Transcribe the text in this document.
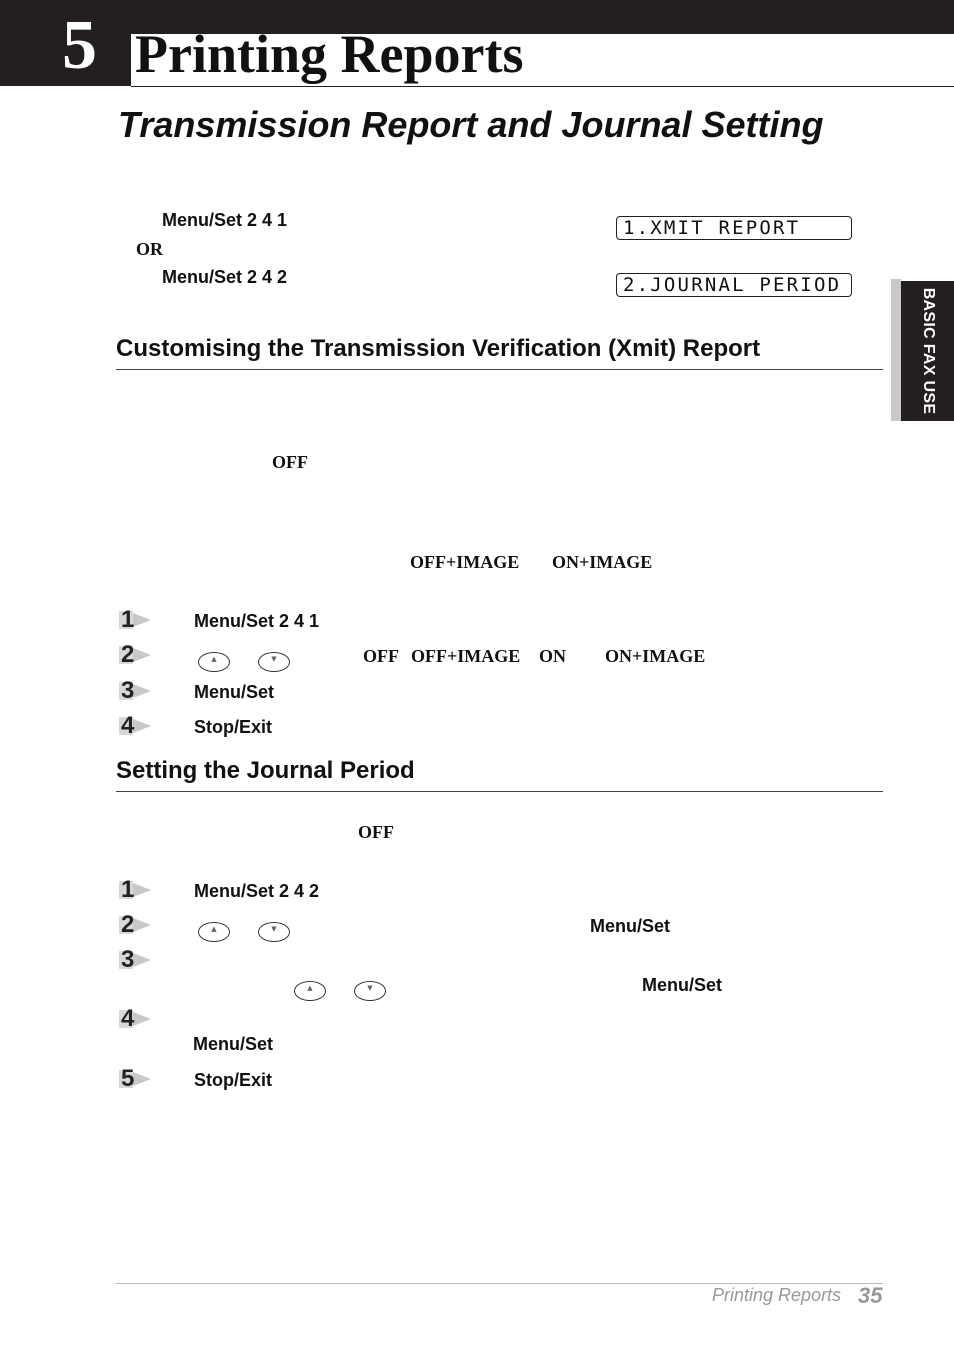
5 Printing Reports
Transmission Report and Journal Setting
Menu/Set 2 4 1
OR
Menu/Set 2 4 2
1.XMIT REPORT
2.JOURNAL PERIOD
BASIC FAX USE
Customising the Transmission Verification (Xmit) Report
OFF
OFF+IMAGE ON+IMAGE
1	Menu/Set 2 4 1
2	▲	▼	OFF OFF+IMAGE ON ON+IMAGE
3	Menu/Set
4	Stop/Exit
Setting the Journal Period
OFF
1	Menu/Set 2 4 2
2	▲	▼	Menu/Set
3
▲	▼	Menu/Set
4
Menu/Set
5	Stop/Exit
Printing Reports 35
